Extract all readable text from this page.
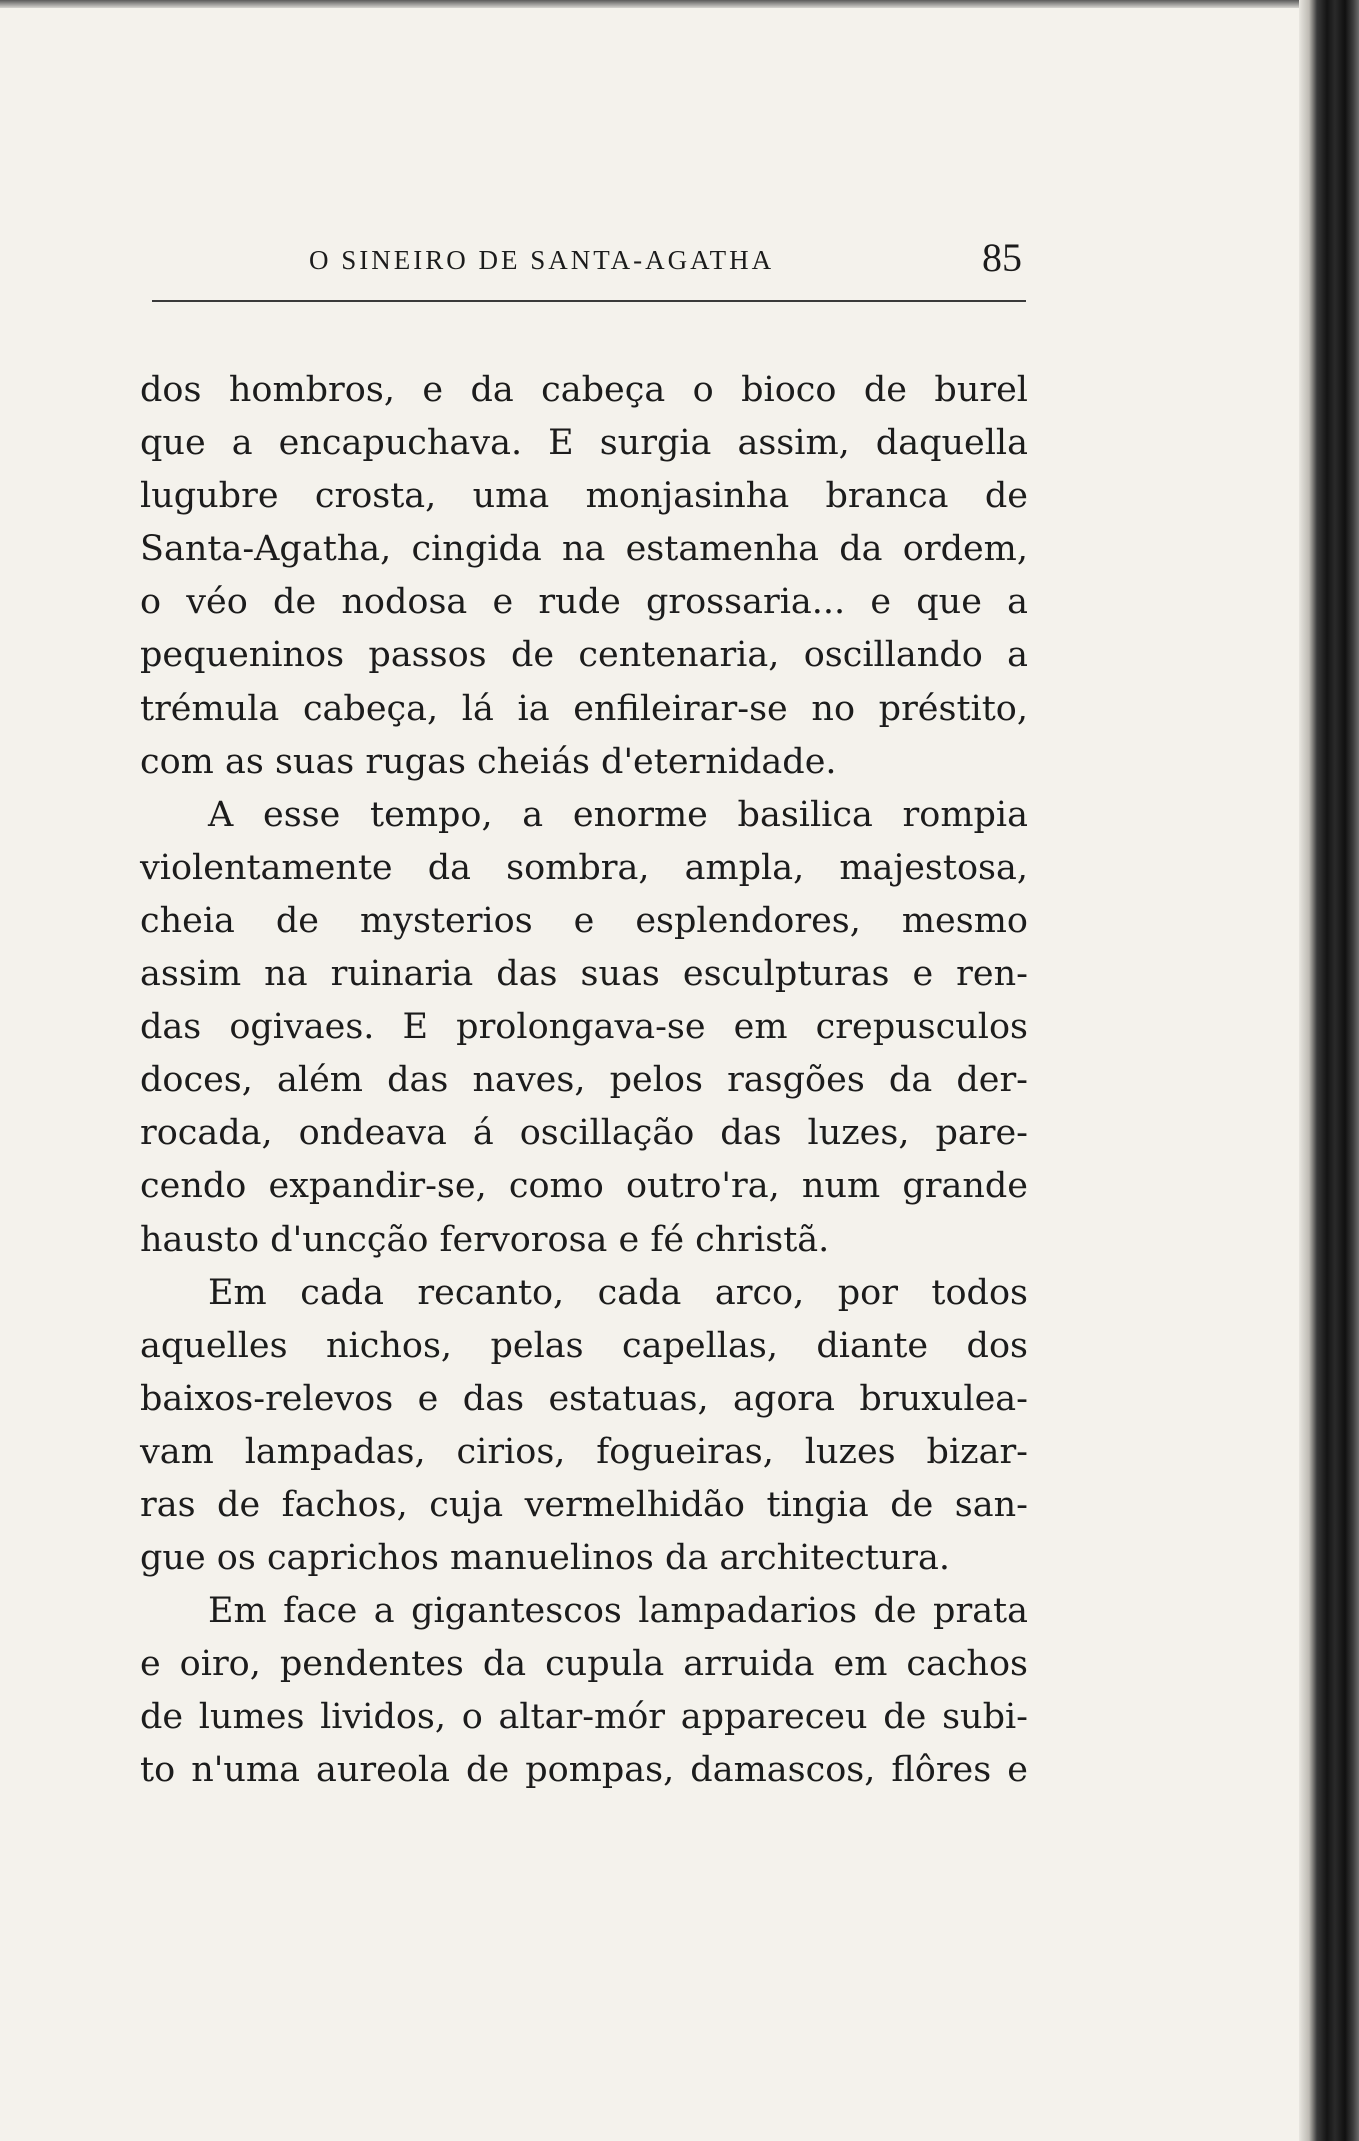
O SINEIRO DE SANTA-AGATHA	85
dos hombros, e da cabeça o bioco de burel
que a encapuchava. E surgia assim, daquella
lugubre crosta, uma monjasinha branca de
Santa-Agatha, cingida na estamenha da ordem,
o véo de nodosa e rude grossaria... e que a
pequeninos passos de centenaria, oscillando a
trémula cabeça, lá ia enfileirar-se no préstito,
com as suas rugas cheiás d'eternidade.
A esse tempo, a enorme basilica rompia
violentamente da sombra, ampla, majestosa,
cheia de mysterios e esplendores, mesmo
assim na ruinaria das suas esculpturas e ren-
das ogivaes. E prolongava-se em crepusculos
doces, além das naves, pelos rasgões da der-
rocada, ondeava á oscillação das luzes, pare-
cendo expandir-se, como outro'ra, num grande
hausto d'uncção fervorosa e fé christã.
Em cada recanto, cada arco, por todos
aquelles nichos, pelas capellas, diante dos
baixos-relevos e das estatuas, agora bruxulea-
vam lampadas, cirios, fogueiras, luzes bizar-
ras de fachos, cuja vermelhidão tingia de san-
gue os caprichos manuelinos da architectura.
Em face a gigantescos lampadarios de prata
e oiro, pendentes da cupula arruida em cachos
de lumes lividos, o altar-mór appareceu de subi-
to n'uma aureola de pompas, damascos, flôres e
